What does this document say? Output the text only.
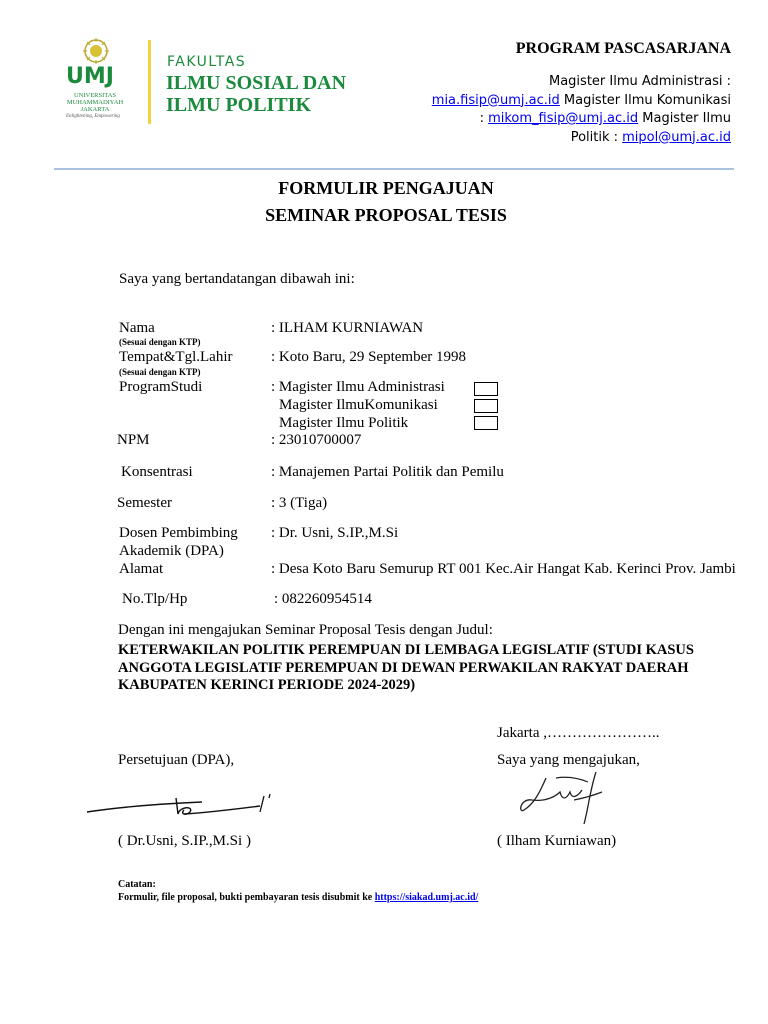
UMJ
UNIVERSITAS
MUHAMMADIYAH
JAKARTA
Enlightening, Empowering
FAKULTAS
ILMU SOSIAL DAN
ILMU POLITIK
PROGRAM PASCASARJANA
Magister Ilmu Administrasi :
mia.fisip@umj.ac.id Magister Ilmu Komunikasi
: mikom_fisip@umj.ac.id Magister Ilmu
Politik : mipol@umj.ac.id
FORMULIR PENGAJUAN
SEMINAR PROPOSAL TESIS
Saya yang bertandatangan dibawah ini:
Nama
(Sesuai dengan KTP)
: ILHAM KURNIAWAN
Tempat&Tgl.Lahir
(Sesuai dengan KTP)
: Koto Baru, 29 September 1998
ProgramStudi	: Magister Ilmu Administrasi
Magister IlmuKomunikasi
Magister Ilmu Politik
NPM	: 23010700007
Konsentrasi	: Manajemen Partai Politik dan Pemilu
Semester	: 3 (Tiga)
Dosen Pembimbing
Akademik (DPA)
: Dr. Usni, S.IP.,M.Si
Alamat	: Desa Koto Baru Semurup RT 001 Kec.Air Hangat Kab. Kerinci Prov. Jambi
No.Tlp/Hp	: 082260954514
Dengan ini mengajukan Seminar Proposal Tesis dengan Judul:
KETERWAKILAN POLITIK PEREMPUAN DI LEMBAGA LEGISLATIF (STUDI KASUS ANGGOTA LEGISLATIF PEREMPUAN DI DEWAN PERWAKILAN RAKYAT DAERAH KABUPATEN KERINCI PERIODE 2024-2029)
Jakarta ,…………………..
Persetujuan (DPA),	Saya yang mengajukan,
( Dr.Usni, S.IP.,M.Si )	( Ilham Kurniawan)
Catatan:
Formulir, file proposal, bukti pembayaran tesis disubmit ke https://siakad.umj.ac.id/
